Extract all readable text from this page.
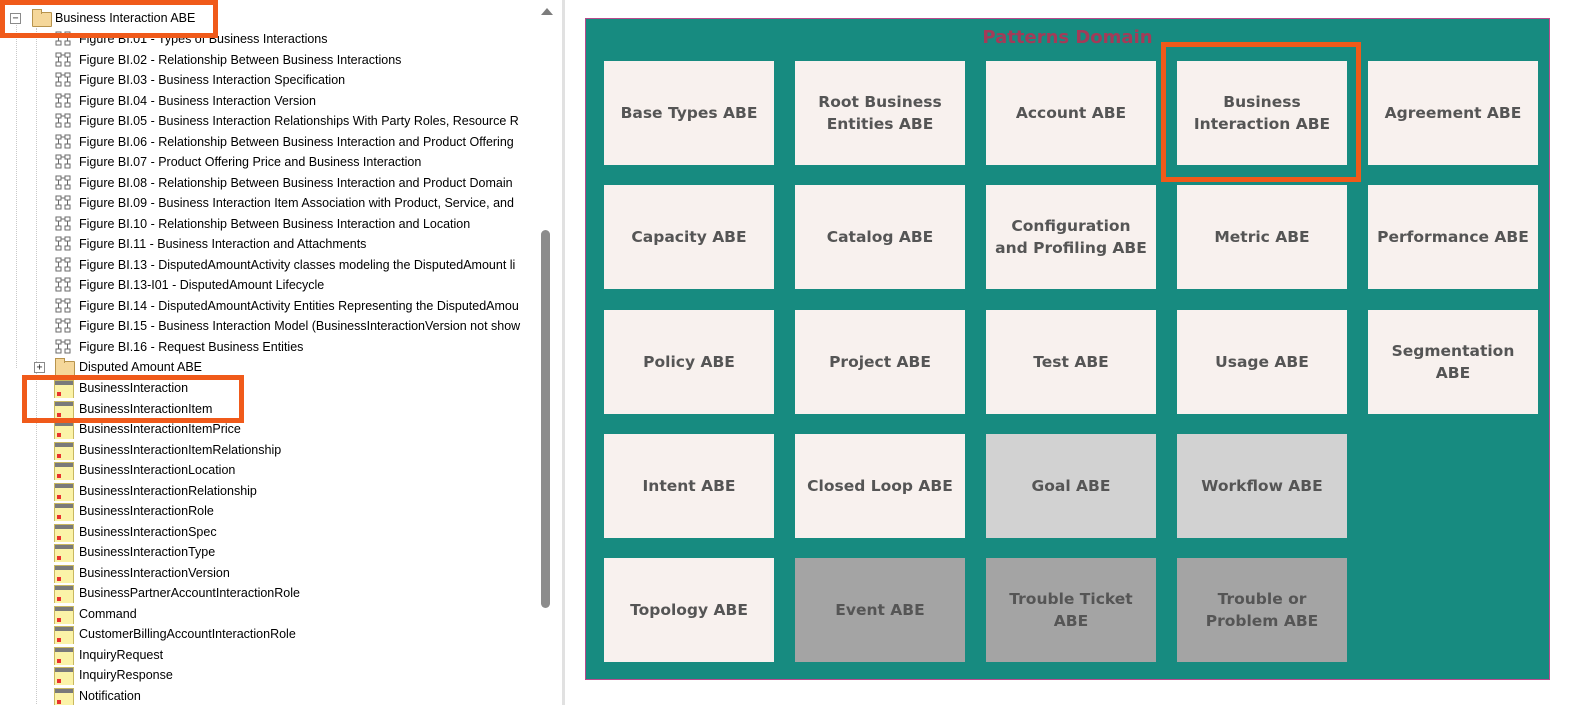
−	Business Interaction ABE
Figure BI.01 - Types of Business Interactions
Figure BI.02 - Relationship Between Business Interactions
Figure BI.03 - Business Interaction Specification
Figure BI.04 - Business Interaction Version
Figure BI.05 - Business Interaction Relationships With Party Roles, Resource R
Figure BI.06 - Relationship Between Business Interaction and Product Offering
Figure BI.07 - Product Offering Price and Business Interaction
Figure BI.08 - Relationship Between Business Interaction and Product Domain
Figure BI.09 - Business Interaction Item Association with Product, Service, and
Figure BI.10 - Relationship Between Business Interaction and Location
Figure BI.11 - Business Interaction and Attachments
Figure BI.13 - DisputedAmountActivity classes modeling the DisputedAmount li
Figure BI.13-I01 - DisputedAmount Lifecycle
Figure BI.14 - DisputedAmountActivity Entities Representing the DisputedAmou
Figure BI.15 - Business Interaction Model (BusinessInteractionVersion not show
Figure BI.16 - Request Business Entities
+	Disputed Amount ABE
BusinessInteraction
BusinessInteractionItem
BusinessInteractionItemPrice
BusinessInteractionItemRelationship
BusinessInteractionLocation
BusinessInteractionRelationship
BusinessInteractionRole
BusinessInteractionSpec
BusinessInteractionType
BusinessInteractionVersion
BusinessPartnerAccountInteractionRole
Command
CustomerBillingAccountInteractionRole
InquiryRequest
InquiryResponse
Notification
Patterns Domain
Base Types ABE
Root Business Entities ABE
Account ABE
Business Interaction ABE
Agreement ABE
Capacity ABE	Catalog ABE
Configuration and Profiling ABE
Metric ABE	Performance ABE
Policy ABE	Project ABE	Test ABE	Usage ABE
Segmentation ABE
Intent ABE	Closed Loop ABE	Goal ABE	Workflow ABE
Topology ABE	Event ABE
Trouble Ticket ABE
Trouble or Problem ABE
